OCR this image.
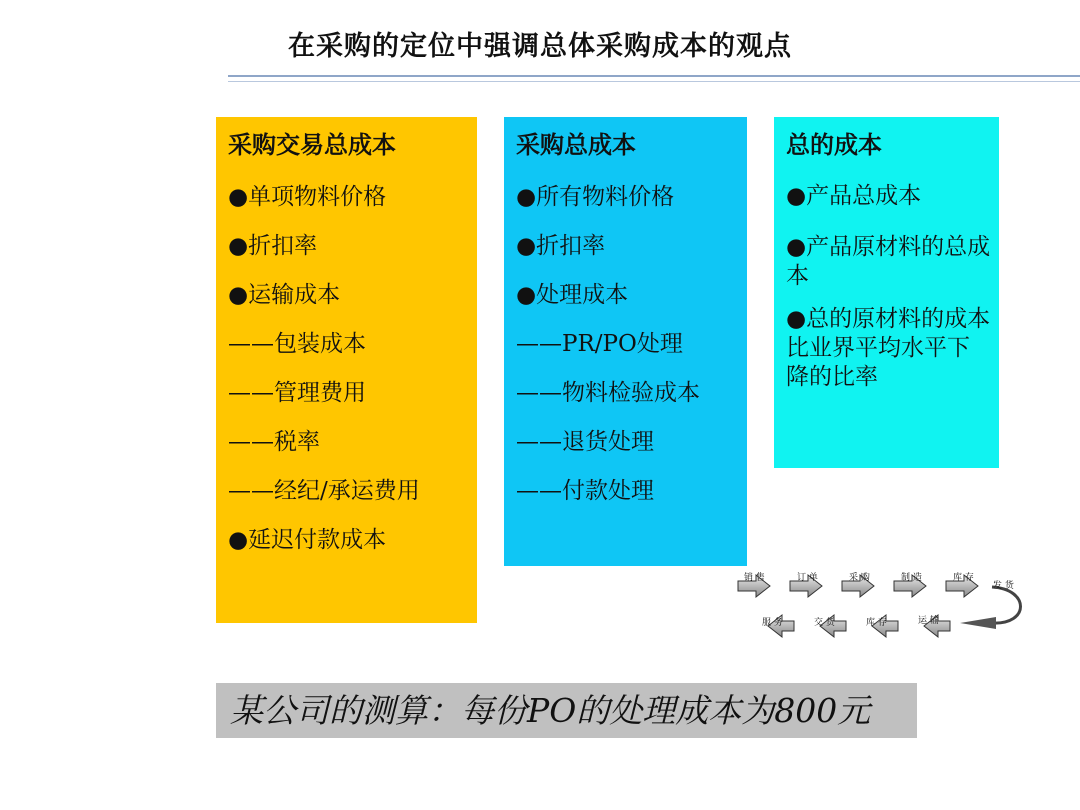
在采购的定位中强调总体采购成本的观点
采购交易总成本
●单项物料价格
●折扣率
●运输成本
——包装成本
——管理费用
——税率
——经纪/承运费用
●延迟付款成本
采购总成本
●所有物料价格
●折扣率
●处理成本
——PR/PO处理
——物料检验成本
——退货处理
——付款处理
总的成本
●产品总成本
●产品原材料的总成本
●总的原材料的成本比业界平均水平下降的比率
销 售	订 单	采 购	制 造	库 存
发 货
服 务	交 货	库 存	运 输
某公司的测算：每份PO的处理成本为800元
